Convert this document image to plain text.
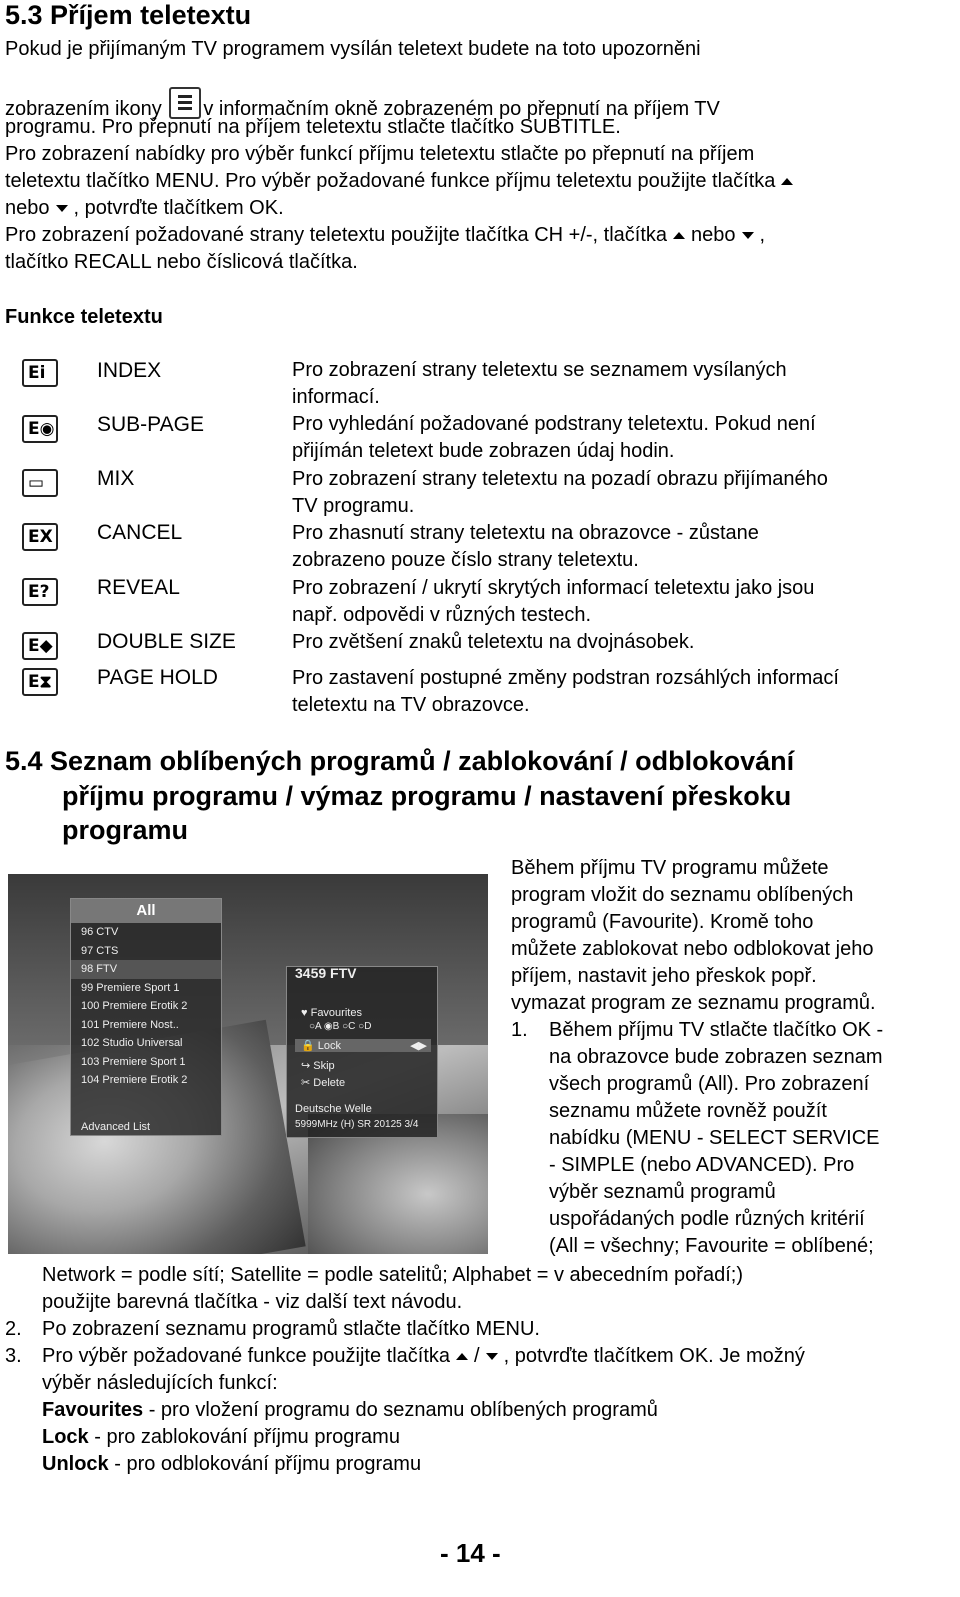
5.3 Příjem teletextu
Pokud je přijímaným TV programem vysílán teletext budete na toto upozorněni
zobrazením ikony v informačním okně zobrazeném po přepnutí na příjem TV
programu. Pro přepnutí na příjem teletextu stlačte tlačítko SUBTITLE.
Pro zobrazení nabídky pro výběr funkcí příjmu teletextu stlačte po přepnutí na příjem
teletextu tlačítko MENU. Pro výběr požadované funkce příjmu teletextu použijte tlačítka
nebo , potvrďte tlačítkem OK.
Pro zobrazení požadované strany teletextu použijte tlačítka CH +/-, tlačítka nebo ,
tlačítko RECALL nebo číslicová tlačítka.
Funkce teletextu
Ei INDEX	Pro zobrazení strany teletextu se seznamem vysílaných
informací.
E◉ SUB-PAGE	Pro vyhledání požadované podstrany teletextu. Pokud není
přijímán teletext bude zobrazen údaj hodin.
▭	MIX	Pro zobrazení strany teletextu na pozadí obrazu přijímaného
TV programu.
EX CANCEL	Pro zhasnutí strany teletextu na obrazovce - zůstane
zobrazeno pouze číslo strany teletextu.
E? REVEAL	Pro zobrazení / ukrytí skrytých informací teletextu jako jsou
např. odpovědi v různých testech.
E◆ DOUBLE SIZE	Pro zvětšení znaků teletextu na dvojnásobek.
E⧗ PAGE HOLD	Pro zastavení postupné změny podstran rozsáhlých informací
teletextu na TV obrazovce.
5.4 Seznam oblíbených programů / zablokování / odblokování
příjmu programu / výmaz programu / nastavení přeskoku
programu
All
96 CTV
97 CTS
98 FTV
99 Premiere Sport 1
100 Premiere Erotik 2
101 Premiere Nost..
102 Studio Universal
103 Premiere Sport 1
104 Premiere Erotik 2
Advanced List
3459 FTV
♥ Favourites
○A ◉B ○C ○D
🔒 Lock	◀▶
↪ Skip
✂ Delete
Deutsche Welle
5999MHz (H) SR 20125 3/4
Během příjmu TV programu můžete
program vložit do seznamu oblíbených
programů (Favourite). Kromě toho
můžete zablokovat nebo odblokovat jeho
příjem, nastavit jeho přeskok popř.
vymazat program ze seznamu programů.
1. Během příjmu TV stlačte tlačítko OK -
na obrazovce bude zobrazen seznam
všech programů (All). Pro zobrazení
seznamu můžete rovněž použít
nabídku (MENU - SELECT SERVICE
- SIMPLE (nebo ADVANCED). Pro
výběr seznamů programů
uspořádaných podle různých kritérií
(All = všechny; Favourite = oblíbené;
Network = podle sítí; Satellite = podle satelitů; Alphabet = v abecedním pořadí;)
použijte barevná tlačítka - viz další text návodu.
2. Po zobrazení seznamu programů stlačte tlačítko MENU.
3. Pro výběr požadované funkce použijte tlačítka / , potvrďte tlačítkem OK. Je možný
výběr následujících funkcí:
Favourites - pro vložení programu do seznamu oblíbených programů
Lock - pro zablokování příjmu programu
Unlock - pro odblokování příjmu programu
- 14 -
